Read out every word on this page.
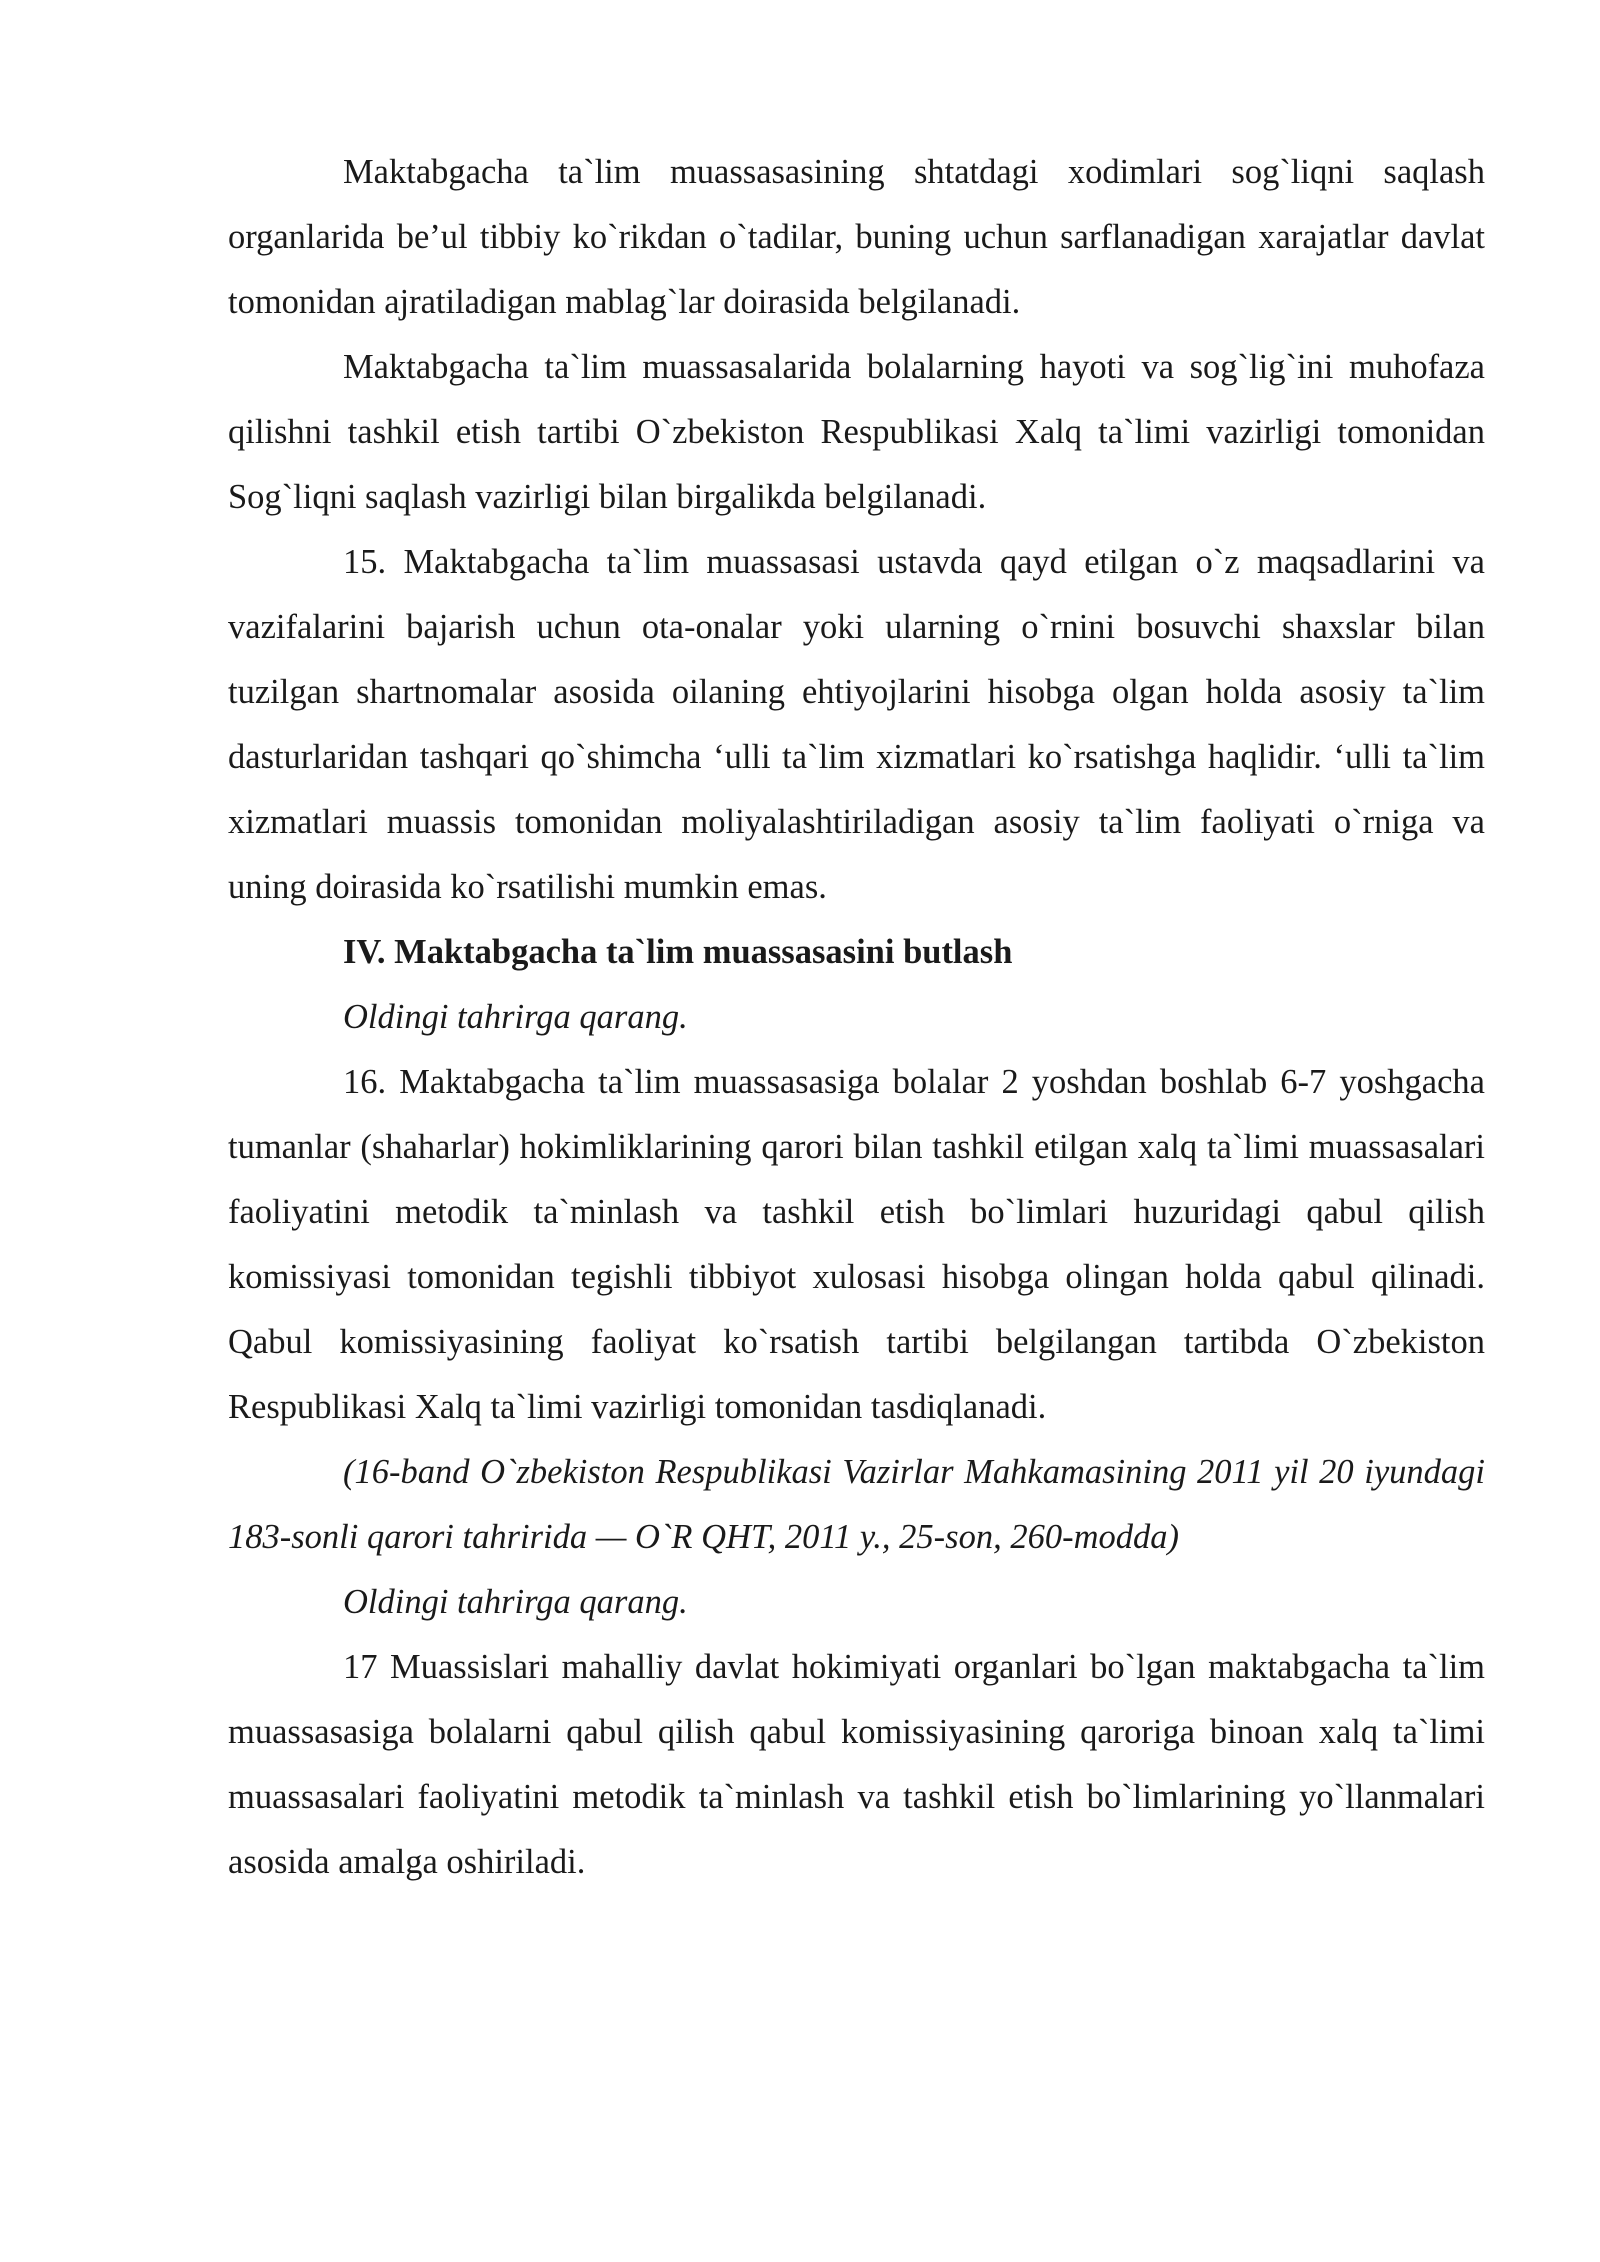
Maktabgacha ta`lim muassasasining shtatdagi xodimlari sog`liqni saqlash organlarida be’ul tibbiy ko`rikdan o`tadilar, buning uchun sarflanadigan xarajatlar davlat tomonidan ajratiladigan mablag`lar doirasida belgilanadi.

Maktabgacha ta`lim muassasalarida bolalarning hayoti va sog`lig`ini muhofaza qilishni tashkil etish tartibi O`zbekiston Respublikasi Xalq ta`limi vazirligi tomonidan Sog`liqni saqlash vazirligi bilan birgalikda belgilanadi.

15. Maktabgacha ta`lim muassasasi ustavda qayd etilgan o`z maqsadlarini va vazifalarini bajarish uchun ota-onalar yoki ularning o`rnini bosuvchi shaxslar bilan tuzilgan shartnomalar asosida oilaning ehtiyojlarini hisobga olgan holda asosiy ta`lim dasturlaridan tashqari qo`shimcha ‘ulli ta`lim xizmatlari ko`rsatishga haqlidir. ‘ulli ta`lim xizmatlari muassis tomonidan moliyalashtiriladigan asosiy ta`lim faoliyati o`rniga va uning doirasida ko`rsatilishi mumkin emas.

IV. Maktabgacha ta`lim muassasasini butlash

Oldingi tahrirga qarang.

16. Maktabgacha ta`lim muassasasiga bolalar 2 yoshdan boshlab 6-7 yoshgacha tumanlar (shaharlar) hokimliklarining qarori bilan tashkil etilgan xalq ta`limi muassasalari faoliyatini metodik ta`minlash va tashkil etish bo`limlari huzuridagi qabul qilish komissiyasi tomonidan tegishli tibbiyot xulosasi hisobga olingan holda qabul qilinadi. Qabul komissiyasining faoliyat ko`rsatish tartibi belgilangan tartibda O`zbekiston Respublikasi Xalq ta`limi vazirligi tomonidan tasdiqlanadi.

(16-band O`zbekiston Respublikasi Vazirlar Mahkamasining 2011 yil 20 iyundagi 183-sonli qarori tahririda — O`R QHT, 2011 y., 25-son, 260-modda)

Oldingi tahrirga qarang.

17 Muassislari mahalliy davlat hokimiyati organlari bo`lgan maktabgacha ta`lim muassasasiga bolalarni qabul qilish qabul komissiyasining qaroriga binoan xalq ta`limi muassasalari faoliyatini metodik ta`minlash va tashkil etish bo`limlarining yo`llanmalari asosida amalga oshiriladi.
